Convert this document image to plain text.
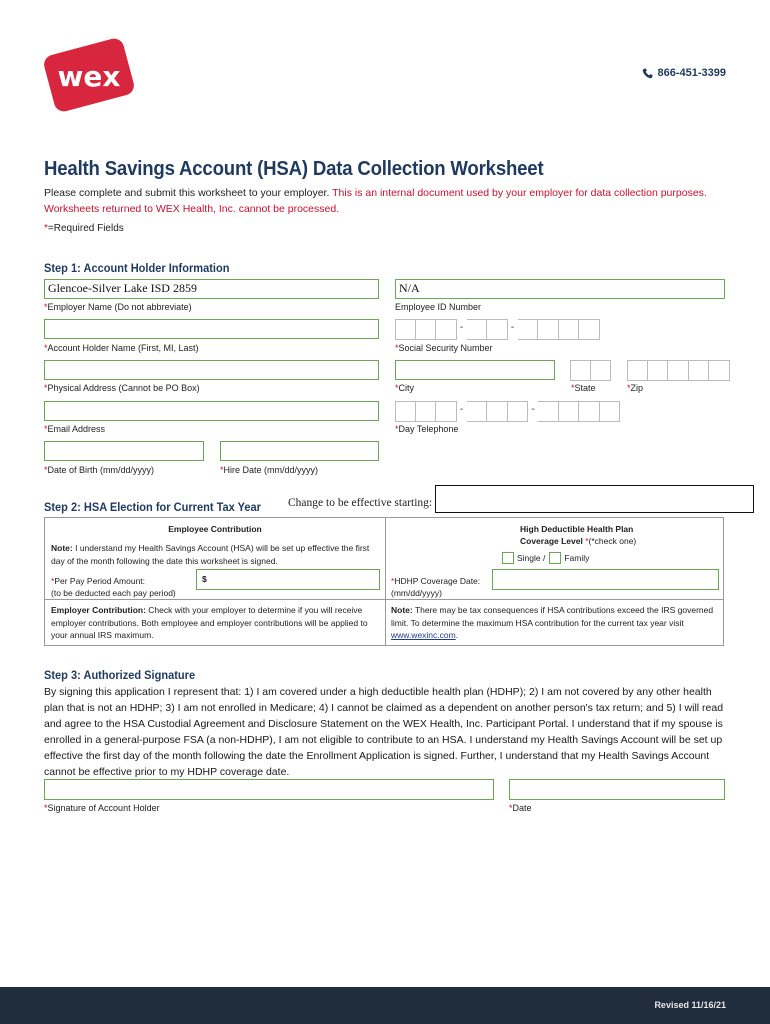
wex	866-451-3399
Health Savings Account (HSA) Data Collection Worksheet
Please complete and submit this worksheet to your employer. This is an internal document used by your employer for data collection purposes. Worksheets returned to WEX Health, Inc. cannot be processed.
*=Required Fields
Step 1: Account Holder Information
Glencoe-Silver Lake ISD 2859
*Employer Name (Do not abbreviate)
N/A
Employee ID Number
*Account Holder Name (First, MI, Last)
-	-
*Social Security Number
*Physical Address (Cannot be PO Box)	*City	*State	*Zip
*Email Address
-	-
*Day Telephone
*Date of Birth (mm/dd/yyyy)	*Hire Date (mm/dd/yyyy)
Step 2: HSA Election for Current Tax Year Change to be effective starting:
Employee Contribution
Note: I understand my Health Savings Account (HSA) will be set up effective the first day of the month following the date this worksheet is signed.
*Per Pay Period Amount:
(to be deducted each pay period)
$
Employer Contribution: Check with your employer to determine if you will receive employer contributions. Both employee and employer contributions will be applied to your annual IRS maximum.
High Deductible Health Plan
Coverage Level *(*check one)
Single / Family
*HDHP Coverage Date:
(mm/dd/yyyy)
Note: There may be tax consequences if HSA contributions exceed the IRS governed limit. To determine the maximum HSA contribution for the current tax year visit www.wexinc.com.
Step 3: Authorized Signature
By signing this application I represent that: 1) I am covered under a high deductible health plan (HDHP); 2) I am not covered by any other health plan that is not an HDHP; 3) I am not enrolled in Medicare; 4) I cannot be claimed as a dependent on another person's tax return; and 5) I will read and agree to the HSA Custodial Agreement and Disclosure Statement on the WEX Health, Inc. Participant Portal. I understand that if my spouse is enrolled in a general-purpose FSA (a non-HDHP), I am not eligible to contribute to an HSA. I understand my Health Savings Account will be set up effective the first day of the month following the date the Enrollment Application is signed. Further, I understand that my Health Savings Account cannot be effective prior to my HDHP coverage date.
*Signature of Account Holder	*Date
Revised 11/16/21
